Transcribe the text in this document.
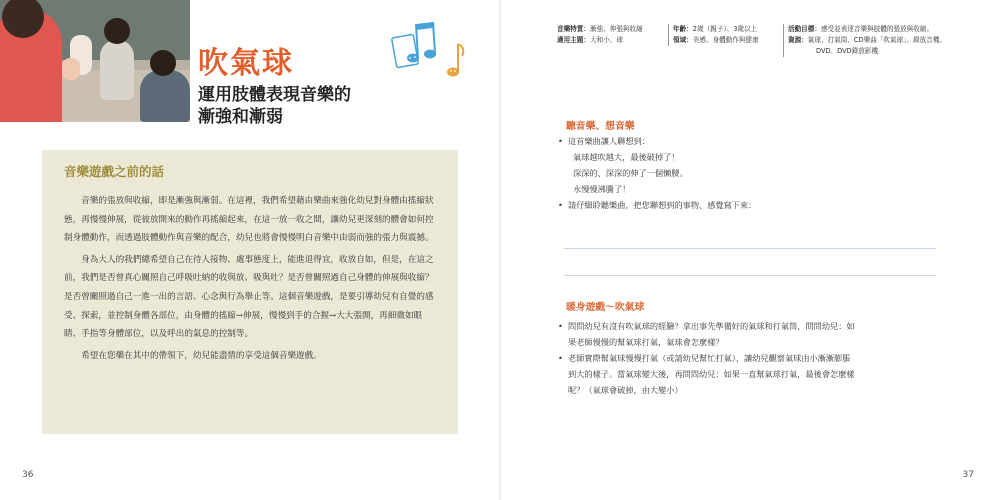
吹氣球
運用肢體表現音樂的
漸強和漸弱
音樂遊戲之前的話

音樂的張放與收縮，即是漸強與漸弱。在這裡，我們希望藉由樂曲來強化幼兒對身體由搖縮狀態，再慢慢伸展，從彼放開來的動作再搖縮起來，在這一放一收之間，讓幼兒更深刻的體會如何控制身體動作，而透過肢體動作與音樂的配合，幼兒也將會慢慢明白音樂中由弱而強的張力與震撼。

身為大人的我們總希望自己在待人接物、處事態度上，能進退得宜，收放自如，但是，在這之前，我們是否曾真心關照自己呼吸吐納的收與放、吸與吐？是否曾關照過自己身體的伸展與收縮？是否曾關照過自己一進一出的言語、心念與行為舉止等。這個音樂遊戲，是要引導幼兒有自覺的感受、探索，並控制身體各部位，由身體的搖縮→伸展，慢慢到手的合握→大大張開，再細微如眼睛、手指等身體部位，以及呼出的氣息的控制等。

希望在您藥在其中的帶領下，幼兒能盡情的享受這個音樂遊戲。

36
音樂特質：漸強、伸張與收縮
適用主題：大和小、球
年齡：2歲（親子）、3歲以上
領域：美感、身體動作與健康
活動目標：感受並表達音樂與肢體的張放與收縮。
資源：氣球、打氣筒、CD樂曲「吹氣球」、錄放音機、
DVD、DVD錄放影機
聽音樂、想音樂
• 這首樂曲讓人聯想到：
氣球越吹越大，最後破掉了！
深深的、深深的伸了一個懶腰。
永慢慢沸騰了！
• 請仔細聆聽樂曲，把您聯想到的事物、感覺寫下來：
暖身遊戲～吹氣球
• 問問幼兒有沒有吹氣球的經驗？拿出事先準備好的氣球和打氣筒，問問幼兒：如
果老師慢慢的幫氣球打氣，氣球會怎麼樣？
• 老師實際幫氣球慢慢打氣（或請幼兒幫忙打氣），讓幼兒觀察氣球由小漸漸膨脹
到大的樣子。當氣球變大後，再問問幼兒：如果一直幫氣球打氣，最後會怎麼樣
呢？（氣球會破掉，由大變小）
37
